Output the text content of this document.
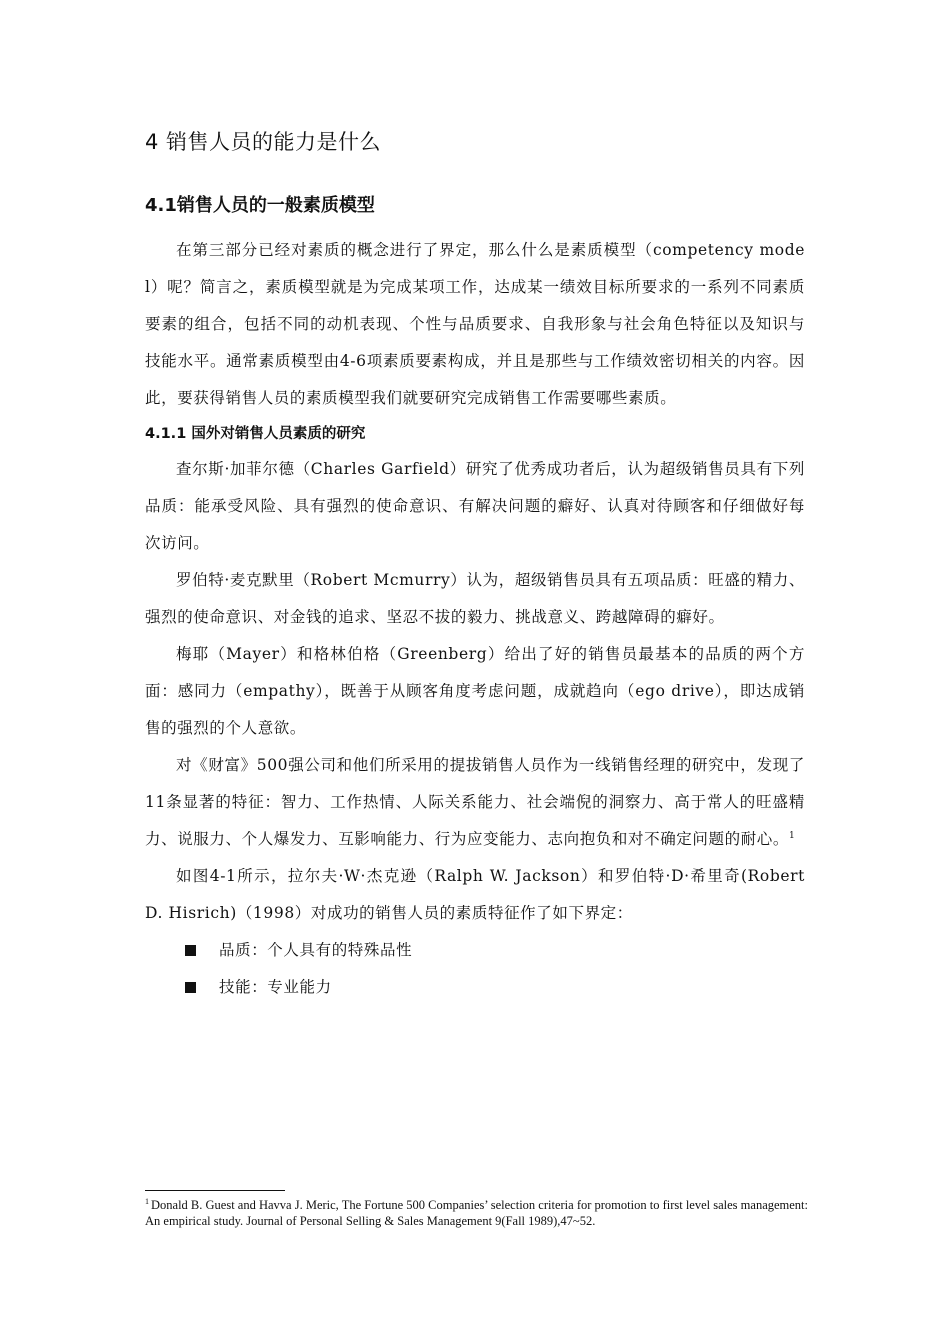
4 销售人员的能力是什么
4.1销售人员的一般素质模型

在第三部分已经对素质的概念进行了界定，那么什么是素质模型（competency model）呢？简言之，素质模型就是为完成某项工作，达成某一绩效目标所要求的一系列不同素质要素的组合，包括不同的动机表现、个性与品质要求、自我形象与社会角色特征以及知识与技能水平。通常素质模型由4-6项素质要素构成，并且是那些与工作绩效密切相关的内容。因此，要获得销售人员的素质模型我们就要研究完成销售工作需要哪些素质。

4.1.1 国外对销售人员素质的研究

查尔斯·加菲尔德（Charles Garfield）研究了优秀成功者后，认为超级销售员具有下列品质：能承受风险、具有强烈的使命意识、有解决问题的癖好、认真对待顾客和仔细做好每次访问。

罗伯特·麦克默里（Robert Mcmurry）认为，超级销售员具有五项品质：旺盛的精力、强烈的使命意识、对金钱的追求、坚忍不拔的毅力、挑战意义、跨越障碍的癖好。

梅耶（Mayer）和格林伯格（Greenberg）给出了好的销售员最基本的品质的两个方面：感同力（empathy），既善于从顾客角度考虑问题，成就趋向（ego drive），即达成销售的强烈的个人意欲。

对《财富》500强公司和他们所采用的提拔销售人员作为一线销售经理的研究中，发现了11条显著的特征：智力、工作热情、人际关系能力、社会端倪的洞察力、高于常人的旺盛精力、说服力、个人爆发力、互影响能力、行为应变能力、志向抱负和对不确定问题的耐心。$^1$

如图4-1所示，拉尔夫·W·杰克逊（Ralph W. Jackson）和罗伯特·D·希里奇(Robert D. Hisrich)（1998）对成功的销售人员的素质特征作了如下界定：

品质：个人具有的特殊品性
技能：专业能力
$^1$ Donald B. Guest and Havva J. Meric, The Fortune 500 Companies’ selection criteria for promotion to first level sales management: An empirical study. Journal of Personal Selling & Sales Management 9(Fall 1989),47~52.
